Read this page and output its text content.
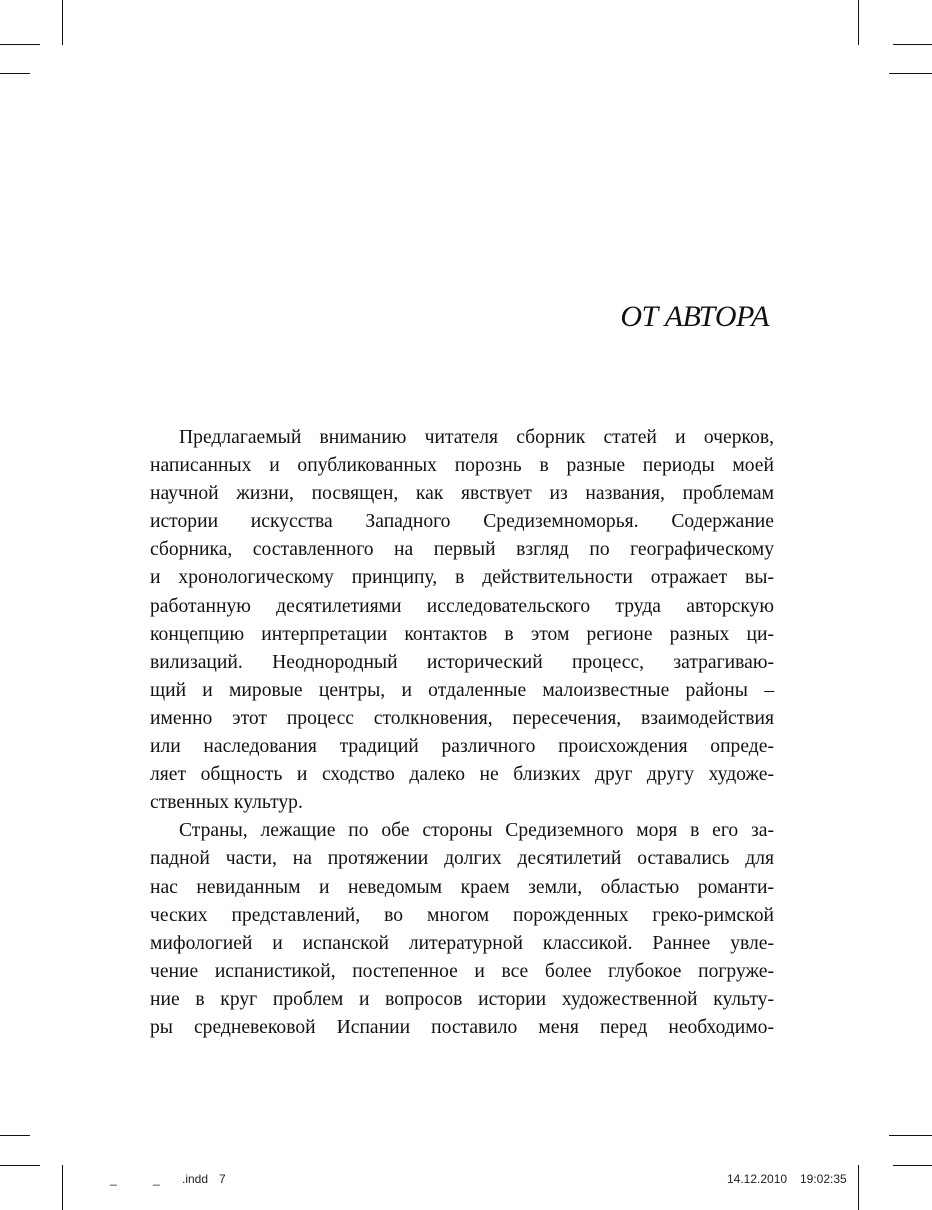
ОТ АВТОРА

Предлагаемый вниманию читателя сборник статей и очерков,
написанных и опубликованных порознь в разные периоды моей
научной жизни, посвящен, как явствует из названия, проблемам
истории искусства Западного Средиземноморья. Содержание
сборника, составленного на первый взгляд по географическому
и хронологическому принципу, в действительности отражает вы-
работанную десятилетиями исследовательского труда авторскую
концепцию интерпретации контактов в этом регионе разных ци-
вилизаций. Неоднородный исторический процесс, затрагиваю-
щий и мировые центры, и отдаленные малоизвестные районы –
именно этот процесс столкновения, пересечения, взаимодействия
или наследования традиций различного происхождения опреде-
ляет общность и сходство далеко не близких друг другу художе-
ственных культур.

Страны, лежащие по обе стороны Средиземного моря в его за-
падной части, на протяжении долгих десятилетий оставались для
нас невиданным и неведомым краем земли, областью романти-
ческих представлений, во многом порожденных греко-римской
мифологией и испанской литературной классикой. Раннее увле-
чение испанистикой, постепенное и все более глубокое погруже-
ние в круг проблем и вопросов истории художественной культу-
ры средневековой Испании поставило меня перед необходимо-

_	_ .indd 7	14.12.2010 19:02:35
